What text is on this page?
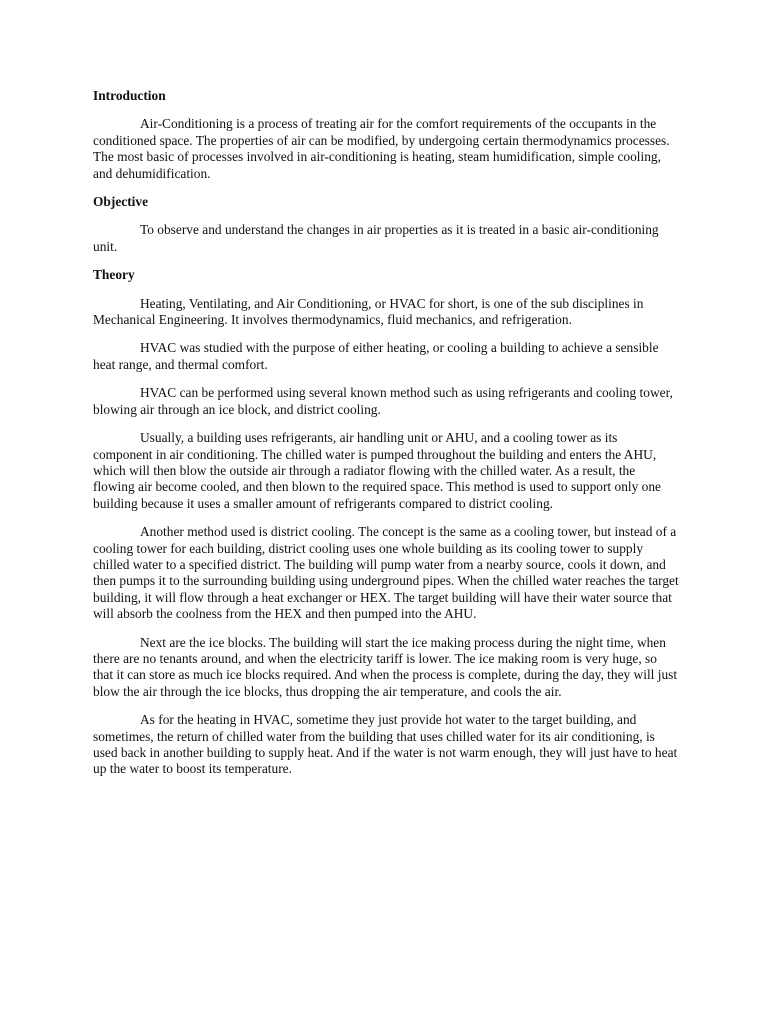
Introduction

Air-Conditioning is a process of treating air for the comfort requirements of the occupants in the conditioned space. The properties of air can be modified, by undergoing certain thermodynamics processes. The most basic of processes involved in air-conditioning is heating, steam humidification, simple cooling, and dehumidification.

Objective

To observe and understand the changes in air properties as it is treated in a basic air-conditioning unit.

Theory

Heating, Ventilating, and Air Conditioning, or HVAC for short, is one of the sub disciplines in Mechanical Engineering. It involves thermodynamics, fluid mechanics, and refrigeration.

HVAC was studied with the purpose of either heating, or cooling a building to achieve a sensible heat range, and thermal comfort.

HVAC can be performed using several known method such as using refrigerants and cooling tower, blowing air through an ice block, and district cooling.

Usually, a building uses refrigerants, air handling unit or AHU, and a cooling tower as its component in air conditioning. The chilled water is pumped throughout the building and enters the AHU, which will then blow the outside air through a radiator flowing with the chilled water. As a result, the flowing air become cooled, and then blown to the required space. This method is used to support only one building because it uses a smaller amount of refrigerants compared to district cooling.

Another method used is district cooling. The concept is the same as a cooling tower, but instead of a cooling tower for each building, district cooling uses one whole building as its cooling tower to supply chilled water to a specified district. The building will pump water from a nearby source, cools it down, and then pumps it to the surrounding building using underground pipes. When the chilled water reaches the target building, it will flow through a heat exchanger or HEX. The target building will have their water source that will absorb the coolness from the HEX and then pumped into the AHU.

Next are the ice blocks. The building will start the ice making process during the night time, when there are no tenants around, and when the electricity tariff is lower. The ice making room is very huge, so that it can store as much ice blocks required. And when the process is complete, during the day, they will just blow the air through the ice blocks, thus dropping the air temperature, and cools the air.

As for the heating in HVAC, sometime they just provide hot water to the target building, and sometimes, the return of chilled water from the building that uses chilled water for its air conditioning, is used back in another building to supply heat. And if the water is not warm enough, they will just have to heat up the water to boost its temperature.
